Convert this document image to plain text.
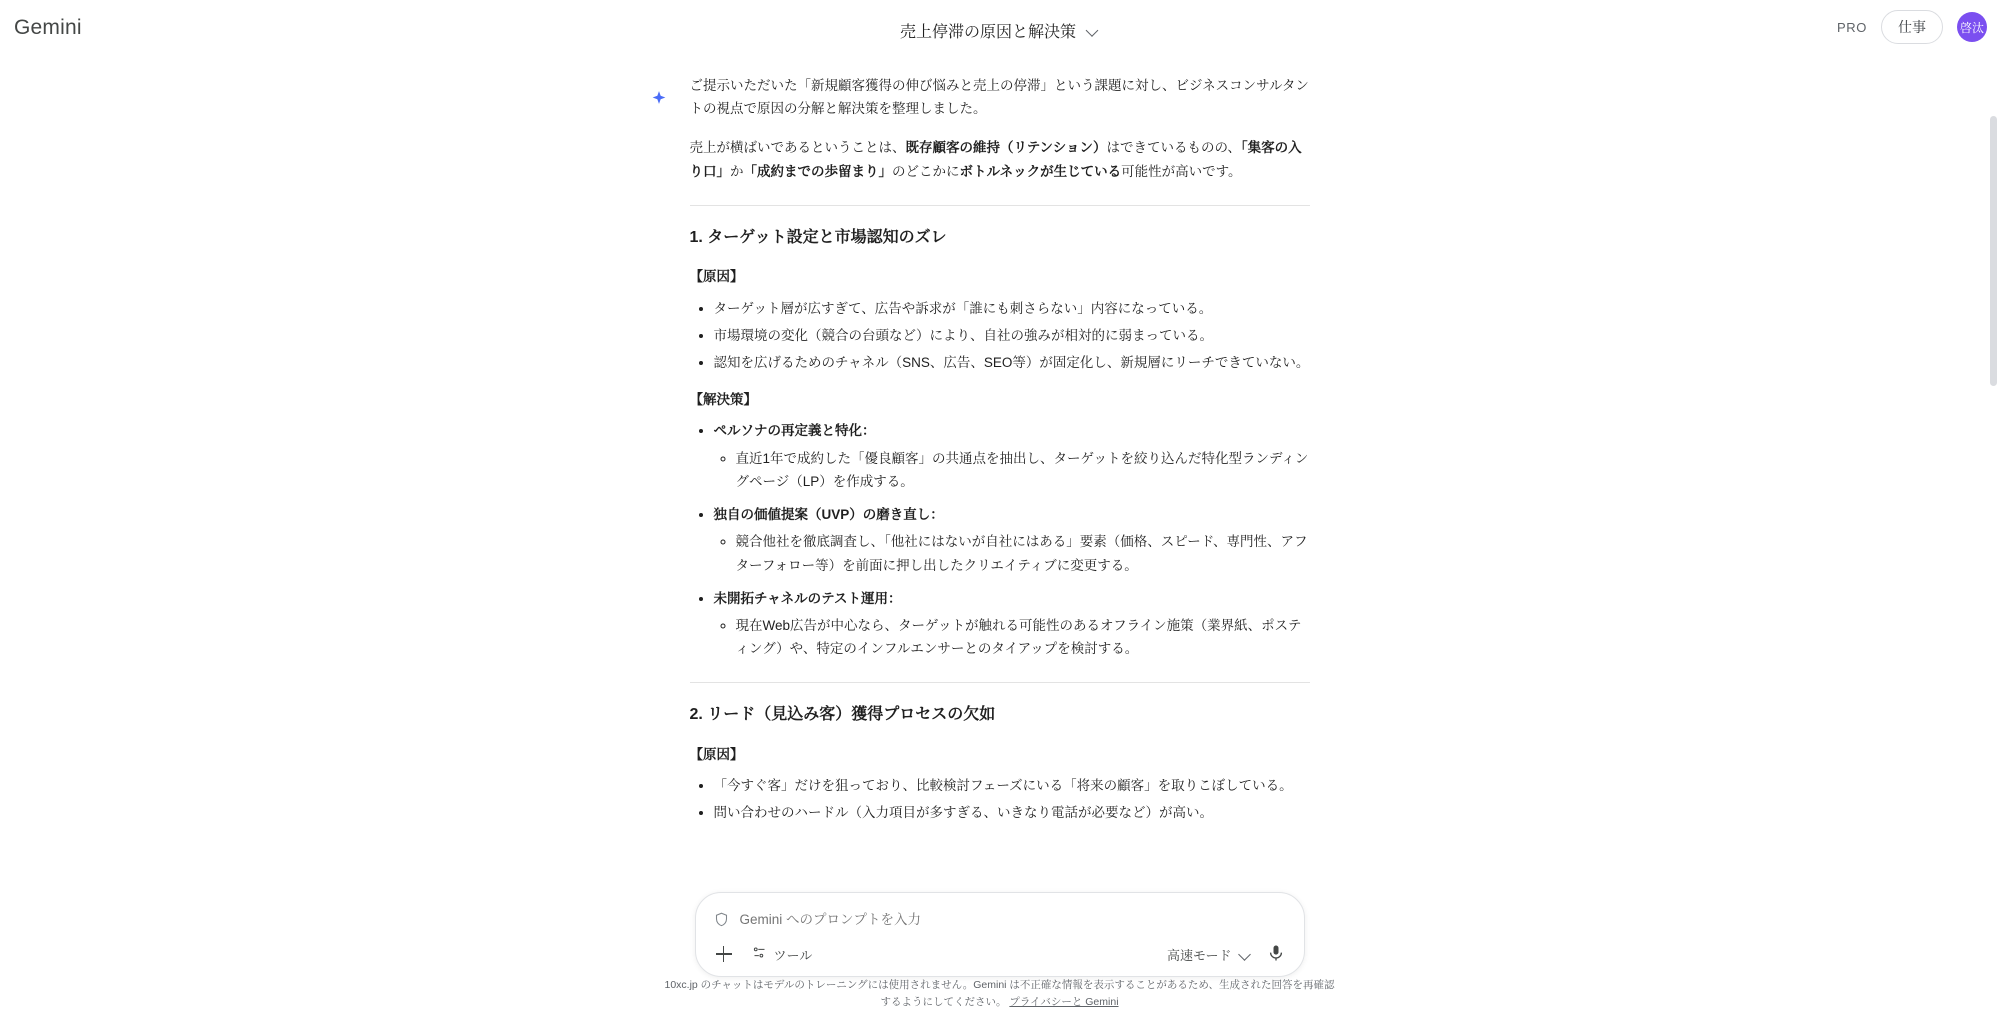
Gemini	売上停滞の原因と解決策	PRO	仕事	啓汰

ご提示いただいた「新規顧客獲得の伸び悩みと売上の停滞」という課題に対し、ビジネスコンサルタントの視点で原因の分解と解決策を整理しました。

売上が横ばいであるということは、既存顧客の維持（リテンション）はできているものの、「集客の入り口」か「成約までの歩留まり」のどこかにボトルネックが生じている可能性が高いです。

1. ターゲット設定と市場認知のズレ

【原因】

• ターゲット層が広すぎて、広告や訴求が「誰にも刺さらない」内容になっている。
• 市場環境の変化（競合の台頭など）により、自社の強みが相対的に弱まっている。
• 認知を広げるためのチャネル（SNS、広告、SEO等）が固定化し、新規層にリーチできていない。

【解決策】

• ペルソナの再定義と特化：
◦ 直近1年で成約した「優良顧客」の共通点を抽出し、ターゲットを絞り込んだ特化型ランディングページ（LP）を作成する。
• 独自の価値提案（UVP）の磨き直し：
◦ 競合他社を徹底調査し、「他社にはないが自社にはある」要素（価格、スピード、専門性、アフターフォロー等）を前面に押し出したクリエイティブに変更する。
• 未開拓チャネルのテスト運用：
◦ 現在Web広告が中心なら、ターゲットが触れる可能性のあるオフライン施策（業界紙、ポスティング）や、特定のインフルエンサーとのタイアップを検討する。
2. リード（見込み客）獲得プロセスの欠如

【原因】

• 「今すぐ客」だけを狙っており、比較検討フェーズにいる「将来の顧客」を取りこぼしている。
• 問い合わせのハードル（入力項目が多すぎる、いきなり電話が必要など）が高い。
Gemini へのプロンプトを入力
ツール	高速モード
10xc.jp のチャットはモデルのトレーニングには使用されません。Gemini は不正確な情報を表示することがあるため、生成された回答を再確認するようにしてください。 プライバシーと Gemini
